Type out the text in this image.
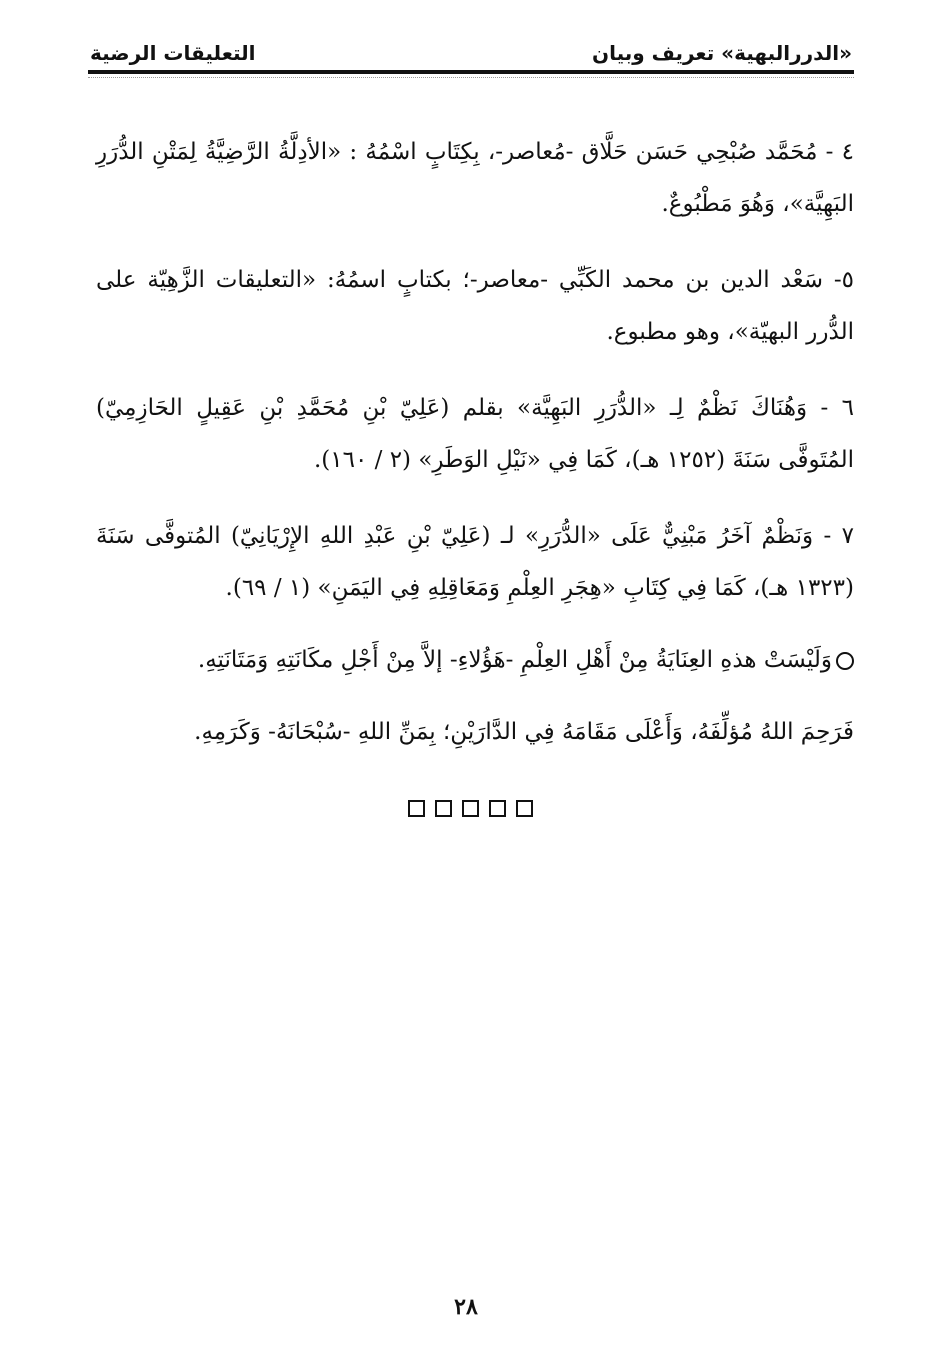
«الدررالبهية» تعريف وبيان
التعليقات الرضية

٤ - مُحَمَّد صُبْحِي حَسَن حَلَّاق -مُعاصر-، بِكِتَابٍ اسْمُهُ : «الأدِلَّةُ الرَّضِيَّةُ لِمَتْنِ الدُّرَرِ البَهِيَّة»، وَهُوَ مَطْبُوعٌ.

٥- سَعْد الدين بن محمد الكَبِّي -معاصر-؛ بكتابٍ اسمُهُ: «التعليقات الزَّهِيّة على الدُّرر البهيّة»، وهو مطبوع.

٦ - وَهُنَاكَ نَظْمٌ لِـ «الدُّرَرِ البَهِيَّة» بقلم (عَلِيّ بْنِ مُحَمَّدِ بْنِ عَقِيلٍ الحَازِمِيّ) المُتَوفَّى سَنَةَ (١٢٥٢ هـ)، كَمَا فِي «نَيْلِ الوَطَرِ» (٢ / ١٦٠).

٧ - وَنَظْمٌ آخَرُ مَبْنِيٌّ عَلَى «الدُّرَرِ» لـ (عَلِيّ بْنِ عَبْدِ اللهِ الإِرْيَانِيّ) المُتوفَّى سَنَةَ (١٣٢٣ هـ)، كَمَا فِي كِتَابِ «هِجَرِ العِلْمِ وَمَعَاقِلِهِ فِي اليَمَنِ» (١ / ٦٩).

وَلَيْسَتْ هذهِ العِنَايَةُ مِنْ أَهْلِ العِلْمِ -هَؤُلاءِ- إلاَّ مِنْ أَجْلِ مكَانَتِهِ وَمَتَانَتِهِ.

فَرَحِمَ اللهُ مُؤلِّفَهُ، وَأَعْلَى مَقَامَهُ فِي الدَّارَيْنِ؛ بِمَنِّ اللهِ -سُبْحَانَهُ- وَكَرَمِهِ.

٢٨
